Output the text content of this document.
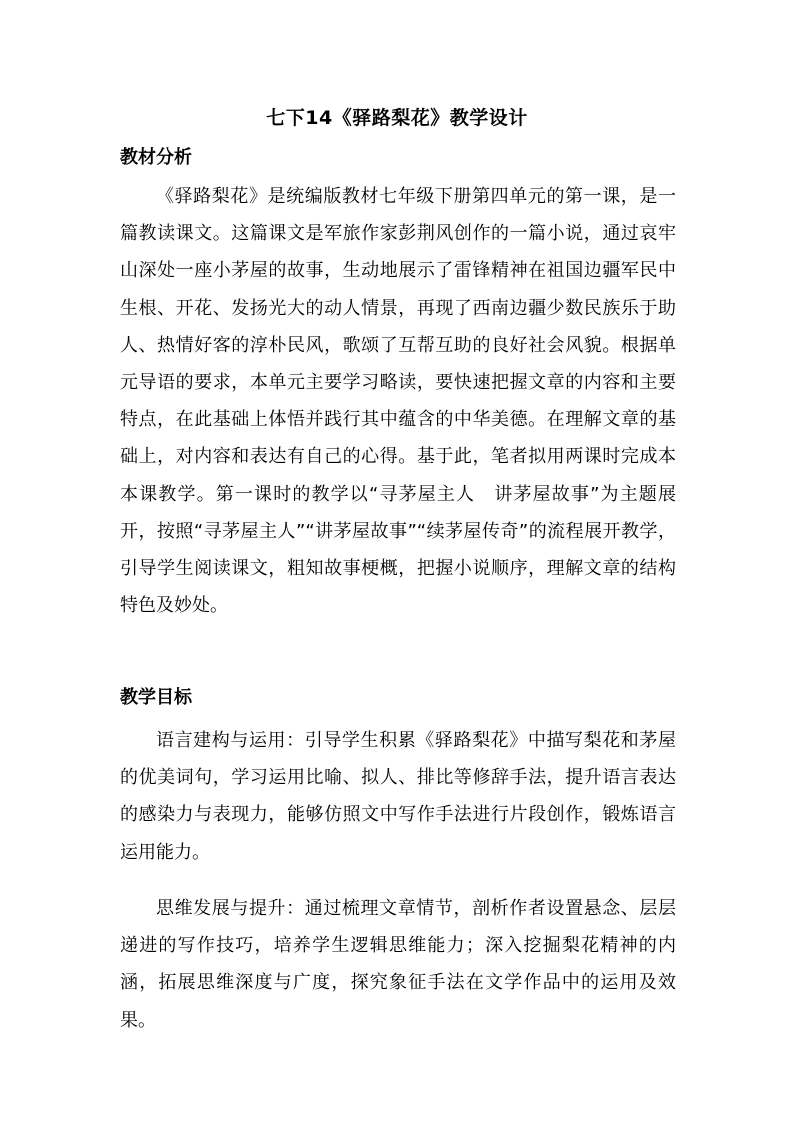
七下14《驿路梨花》教学设计
教材分析

《驿路梨花》是统编版教材七年级下册第四单元的第一课，是一篇教读课文。这篇课文是军旅作家彭荆风创作的一篇小说，通过哀牢山深处一座小茅屋的故事，生动地展示了雷锋精神在祖国边疆军民中生根、开花、发扬光大的动人情景，再现了西南边疆少数民族乐于助人、热情好客的淳朴民风，歌颂了互帮互助的良好社会风貌。根据单元导语的要求，本单元主要学习略读，要快速把握文章的内容和主要特点，在此基础上体悟并践行其中蕴含的中华美德。在理解文章的基础上，对内容和表达有自己的心得。基于此，笔者拟用两课时完成本本课教学。第一课时的教学以“寻茅屋主人　讲茅屋故事”为主题展开，按照“寻茅屋主人”“讲茅屋故事”“续茅屋传奇”的流程展开教学，引导学生阅读课文，粗知故事梗概，把握小说顺序，理解文章的结构特色及妙处。

教学目标

语言建构与运用：引导学生积累《驿路梨花》中描写梨花和茅屋的优美词句，学习运用比喻、拟人、排比等修辞手法，提升语言表达的感染力与表现力，能够仿照文中写作手法进行片段创作，锻炼语言运用能力。

思维发展与提升：通过梳理文章情节，剖析作者设置悬念、层层递进的写作技巧，培养学生逻辑思维能力；深入挖掘梨花精神的内涵，拓展思维深度与广度，探究象征手法在文学作品中的运用及效果。
